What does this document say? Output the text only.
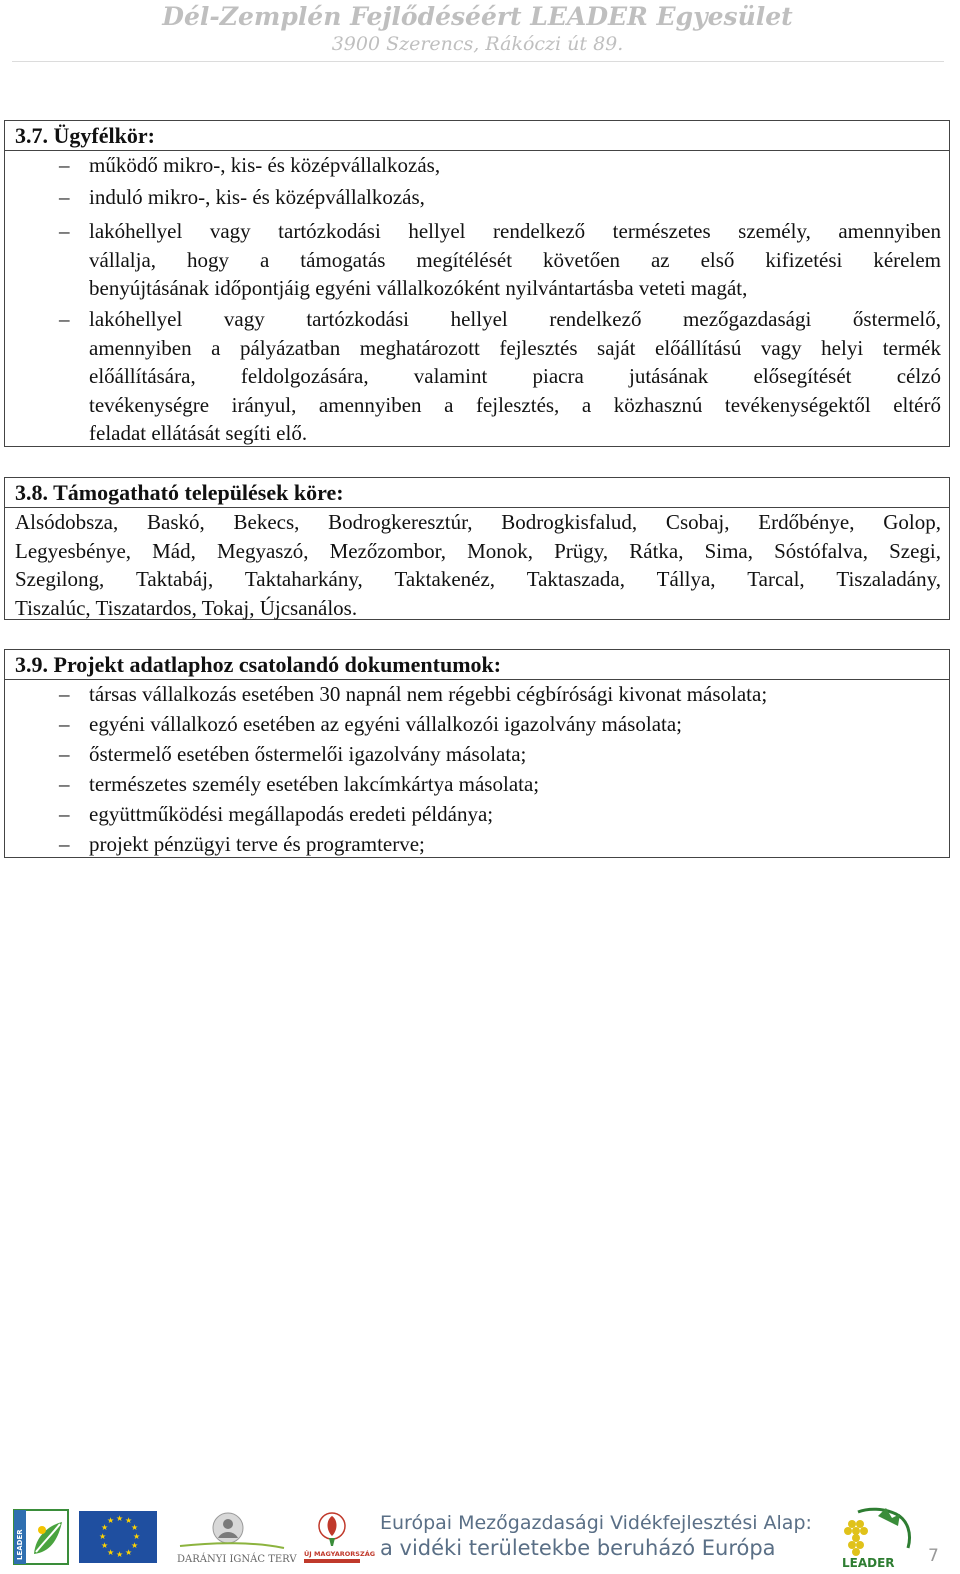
Dél-Zemplén Fejlődéséért LEADER Egyesület
3900 Szerencs, Rákóczi út 89.
3.7. Ügyfélkör:
– működő mikro-, kis- és középvállalkozás,
– induló mikro-, kis- és középvállalkozás,
– lakóhellyel vagy tartózkodási hellyel rendelkező természetes személy, amennyiben
vállalja, hogy a támogatás megítélését követően az első kifizetési kérelem
benyújtásának időpontjáig egyéni vállalkozóként nyilvántartásba veteti magát,
– lakóhellyel vagy tartózkodási hellyel rendelkező mezőgazdasági őstermelő,
amennyiben a pályázatban meghatározott fejlesztés saját előállítású vagy helyi termék
előállítására, feldolgozására, valamint piacra jutásának elősegítését célzó
tevékenységre irányul, amennyiben a fejlesztés, a közhasznú tevékenységektől eltérő
feladat ellátását segíti elő.
3.8. Támogatható települések köre:
Alsódobsza, Baskó, Bekecs, Bodrogkeresztúr, Bodrogkisfalud, Csobaj, Erdőbénye, Golop,
Legyesbénye, Mád, Megyaszó, Mezőzombor, Monok, Prügy, Rátka, Sima, Sóstófalva, Szegi,
Szegilong, Taktabáj, Taktaharkány, Taktakenéz, Taktaszada, Tállya, Tarcal, Tiszaladány,
Tiszalúc, Tiszatardos, Tokaj, Újcsanálos.
3.9. Projekt adatlaphoz csatolandó dokumentumok:
– társas vállalkozás esetében 30 napnál nem régebbi cégbírósági kivonat másolata;
– egyéni vállalkozó esetében az egyéni vállalkozói igazolvány másolata;
– őstermelő esetében őstermelői igazolvány másolata;
– természetes személy esetében lakcímkártya másolata;
– együttműködési megállapodás eredeti példánya;
– projekt pénzügyi terve és programterve;
LEADER
★ ★
★
★
★
★
★
★
★
★
★
★
DARÁNYI IGNÁC TERV ÚJ MAGYARORSZÁG
Európai Mezőgazdasági Vidékfejlesztési Alap:
a vidéki területekbe beruházó Európa
LEADER 7
